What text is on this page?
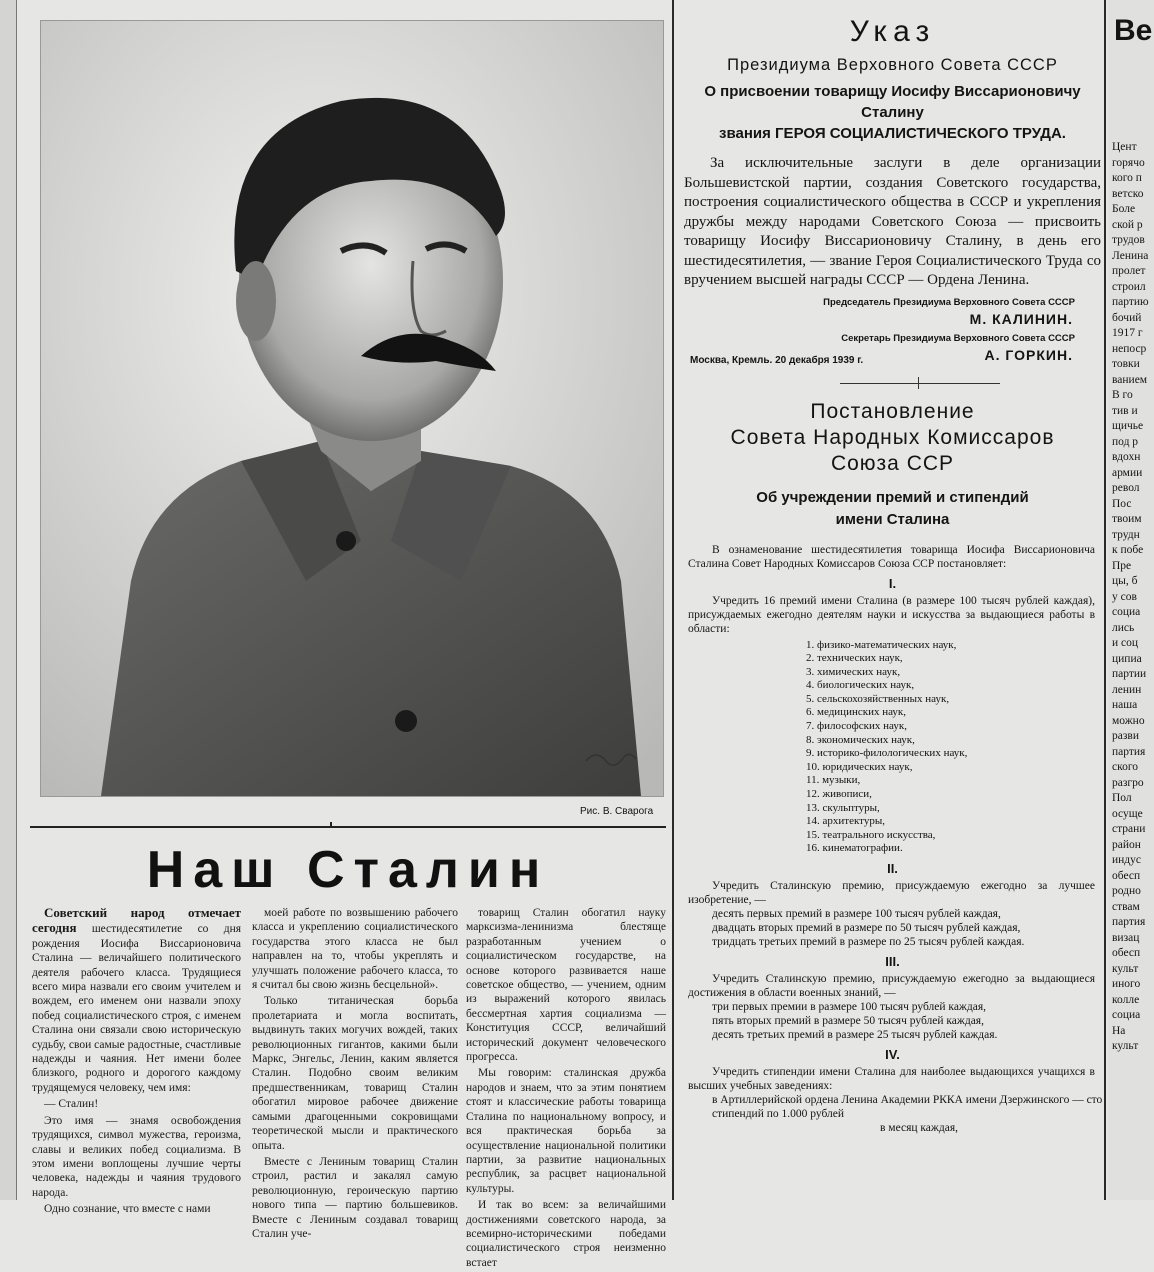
Рис. В. Сварога
Наш Сталин

Советский народ отмечает сегодня шестидесятилетие со дня рождения Иосифа Виссарионовича Сталина — величайшего политического деятеля рабочего класса. Трудящиеся всего мира назвали его своим учителем и вождем, его именем они назвали эпоху побед социалистического строя, с именем Сталина они связали свою историческую судьбу, свои самые радостные, счастливые надежды и чаяния. Нет имени более близкого, родного и дорогого каждому трудящемуся человеку, чем имя:

— Сталин!

Это имя — знамя освобождения трудящихся, символ мужества, героизма, славы и великих побед социализма. В этом имени воплощены лучшие черты человека, надежды и чаяния трудового народа.

Одно сознание, что вместе с нами

моей работе по возвышению рабочего класса и укреплению социалистического государства этого класса не был направлен на то, чтобы укреплять и улучшать положение рабочего класса, то я считал бы свою жизнь бесцельной».

Только титаническая борьба пролетариата и могла воспитать, выдвинуть таких могучих вождей, таких революционных гигантов, какими были Маркс, Энгельс, Ленин, каким является Сталин. Подобно своим великим предшественникам, товарищ Сталин обогатил мировое рабочее движение самыми драгоценными сокровищами теоретической мысли и практического опыта.

Вместе с Лениным товарищ Сталин строил, растил и закалял самую революционную, героическую партию нового типа — партию большевиков. Вместе с Лениным создавал товарищ Сталин уче-

товарищ Сталин обогатил науку марксизма-ленинизма блестяще разработанным учением о социалистическом государстве, на основе которого развивается наше советское общество, — учением, одним из выражений которого явилась бессмертная хартия социализма — Конституция СССР, величайший исторический документ человеческого прогресса.

Мы говорим: сталинская дружба народов и знаем, что за этим понятием стоят и классические работы товарища Сталина по национальному вопросу, и вся практическая борьба за осуществление национальной политики партии, за развитие национальных республик, за расцвет национальной культуры.

И так во всем: за величайшими достижениями советского народа, за всемирно-историческими победами социалистического строя неизменно встает

Указ
Президиума Верховного Совета СССР
О присвоении товарищу Иосифу Виссарионовичу Сталину
звания ГЕРОЯ СОЦИАЛИСТИЧЕСКОГО ТРУДА.
За исключительные заслуги в деле организации Большевистской партии, создания Советского государства, построения социалистического общества в СССР и укрепления дружбы между народами Советского Союза — присвоить товарищу Иосифу Виссарионовичу Сталину, в день его шестидесятилетия, — звание Героя Социалистического Труда со вручением высшей награды СССР — Ордена Ленина.
Председатель Президиума Верховного Совета СССР
М. КАЛИНИН.
Секретарь Президиума Верховного Совета СССР
Москва, Кремль. 20 декабря 1939 г.	А. ГОРКИН.
Постановление
Совета Народных Комиссаров
Союза ССР
Об учреждении премий и стипендий
имени Сталина
В ознаменование шестидесятилетия товарища Иосифа Виссарионовича Сталина Совет Народных Комиссаров Союза ССР постановляет:
I.
Учредить 16 премий имени Сталина (в размере 100 тысяч рублей каждая), присуждаемых ежегодно деятелям науки и искусства за выдающиеся работы в области:
1. физико-математических наук,
2. технических наук,
3. химических наук,
4. биологических наук,
5. сельскохозяйственных наук,
6. медицинских наук,
7. философских наук,
8. экономических наук,
9. историко-филологических наук,
10. юридических наук,
11. музыки,
12. живописи,
13. скульптуры,
14. архитектуры,
15. театрального искусства,
16. кинематографии.
II.
Учредить Сталинскую премию, присуждаемую ежегодно за лучшее изобретение, —
десять первых премий в размере 100 тысяч рублей каждая,
двадцать вторых премий в размере по 50 тысяч рублей каждая,
тридцать третьих премий в размере по 25 тысяч рублей каждая.
III.
Учредить Сталинскую премию, присуждаемую ежегодно за выдающиеся достижения в области военных знаний, —
три первых премии в размере 100 тысяч рублей каждая,
пять вторых премий в размере 50 тысяч рублей каждая,
десять третьих премий в размере 25 тысяч рублей каждая.
IV.
Учредить стипендии имени Сталина для наиболее выдающихся учащихся в высших учебных заведениях:
в Артиллерийской ордена Ленина Академии РККА имени Дзержинского — сто стипендий по 1.000 рублей
в месяц каждая,
Ве
Цент
горячо
кого п
ветско
Боле
ской р
трудов
Ленина
пролет
строил
партию
бочий
1917 г
непоср
товки
ванием
В го
тив и
щичье
под р
вдохн
армии
револ
Пос
твоим
трудн
к побе
Пре
цы, б
у сов
социа
лись
и соц
ципиа
партии
ленин
наша
можно
разви
партия
ского
разгро
Пол
осуще
страни
район
индус
обесп
родно
ствам
партия
визац
обесп
культ
иного
колле
социа
На
культ
